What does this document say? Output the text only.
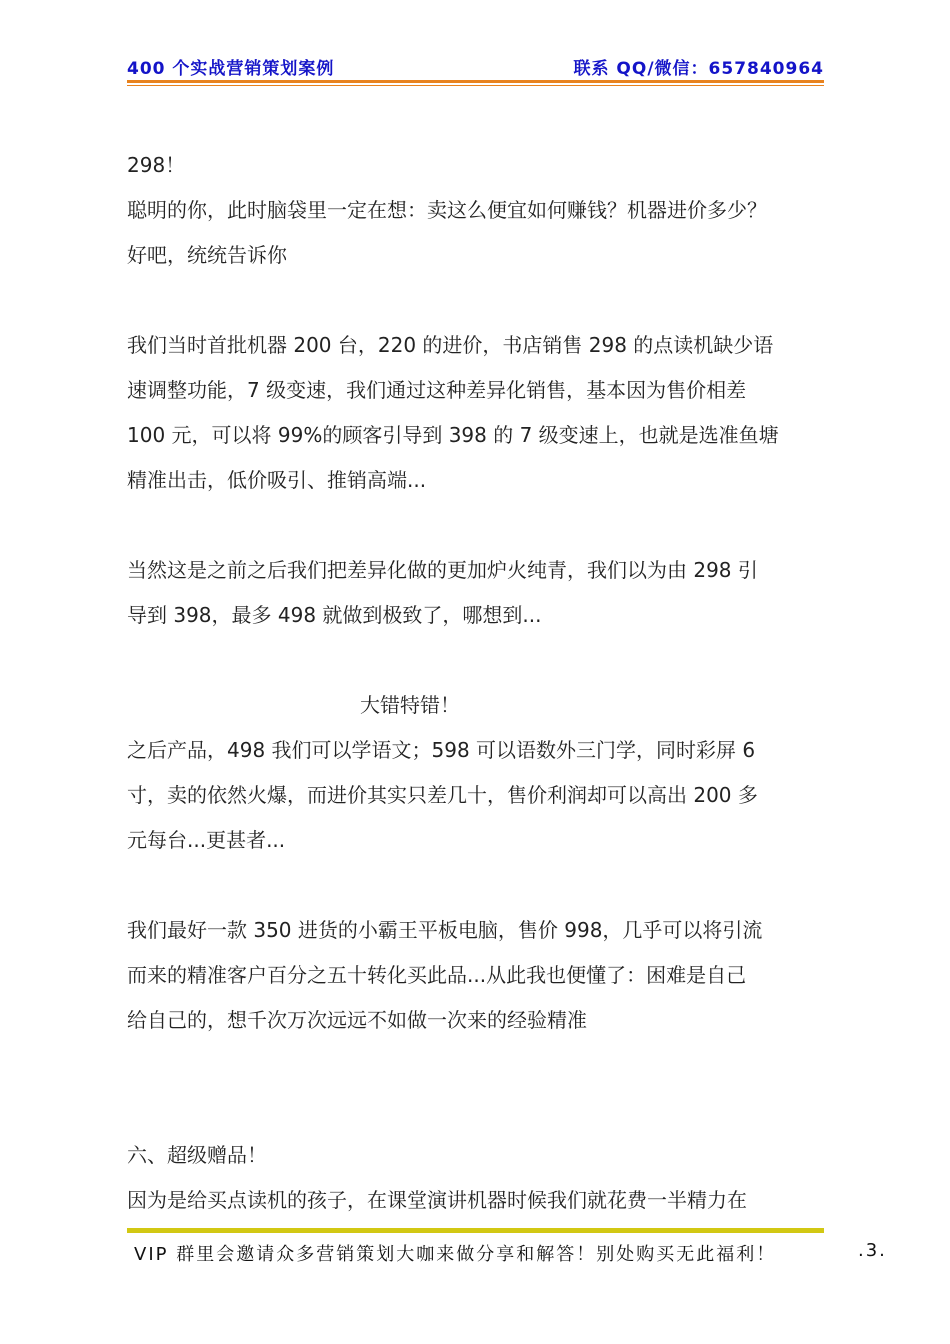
400 个实战营销策划案例	联系 QQ/微信：657840964

298！

聪明的你，此时脑袋里一定在想：卖这么便宜如何赚钱？机器进价多少？

好吧，统统告诉你

我们当时首批机器 200 台，220 的进价，书店销售 298 的点读机缺少语

速调整功能，7 级变速，我们通过这种差异化销售，基本因为售价相差

100 元，可以将 99%的顾客引导到 398 的 7 级变速上，也就是选准鱼塘

精准出击，低价吸引、推销高端...

当然这是之前之后我们把差异化做的更加炉火纯青，我们以为由 298 引

导到 398，最多 498 就做到极致了，哪想到...

大错特错！

之后产品，498 我们可以学语文；598 可以语数外三门学，同时彩屏 6

寸，卖的依然火爆，而进价其实只差几十，售价利润却可以高出 200 多

元每台...更甚者...

我们最好一款 350 进货的小霸王平板电脑，售价 998，几乎可以将引流

而来的精准客户百分之五十转化买此品...从此我也便懂了：困难是自己

给自己的，想千次万次远远不如做一次来的经验精准

六、超级赠品！

因为是给买点读机的孩子，在课堂演讲机器时候我们就花费一半精力在

VIP 群里会邀请众多营销策划大咖来做分享和解答！别处购买无此福利！	.3.
